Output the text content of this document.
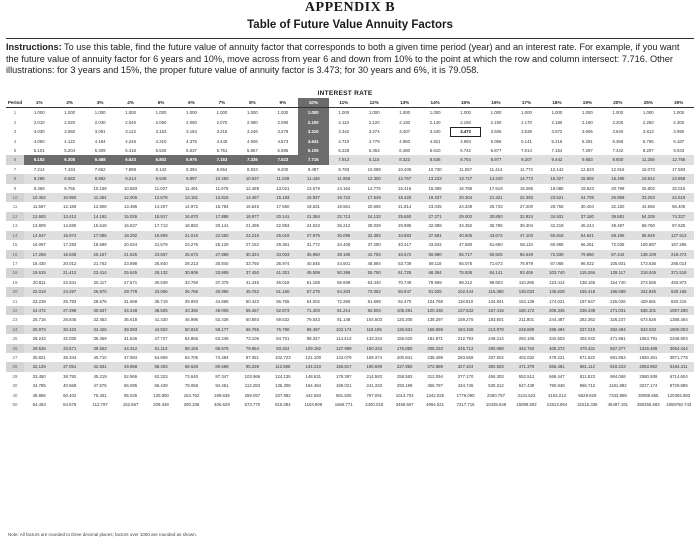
APPENDIX B
Table of Future Value Annuity Factors
Instructions: To use this table, find the future value of annuity factor that corresponds to both a given time period (year) and an interest rate. For example, if you want the future value of annuity factor for 6 years and 10%, move across from year 6 and down from 10% to the point at which the row and column intersect: 7.716. Other illustrations: for 3 years and 15%, the proper future value of annuity factor is 3.473; for 30 years and 6%, it is 79.058.
INTEREST RATE
Period	1%	2%	3%	4%	5%	6%	7%	8%	9%	10%	11%	12%	13%	14%	15%	16%	17%	18%	19%	20%	25%	30%
1	1.000	1.000	1.000	1.000	1.000	1.000	1.000	1.000	1.000	1.000	1.000	1.000	1.000	1.000	1.000	1.000	1.000	1.000	1.000	1.000	1.000	1.000
2	2.010	2.020	2.030	2.040	2.050	2.060	2.070	2.080	2.090	2.100	2.110	2.120	2.130	2.140	2.150	2.160	2.170	2.180	2.190	2.200	2.250	2.300
3	3.030	3.060	3.091	3.122	3.153	3.184	3.215	3.246	3.278	3.310	3.342	3.374	3.407	3.440	3.473	3.506	3.539	3.572	3.606	3.640	3.813	3.990
4	4.060	4.122	4.184	4.246	4.310	4.375	4.440	4.506	4.573	4.641	4.710	4.779	4.850	4.921	4.993	5.066	5.141	5.215	5.291	5.368	5.766	6.187
5	5.101	5.204	5.309	5.416	5.526	5.637	5.751	5.867	5.985	6.105	6.228	6.353	6.480	6.610	6.742	6.877	7.014	7.154	7.297	7.442	8.207	9.043
6	6.152	6.308	6.468	6.633	6.802	6.975	7.153	7.336	7.523	7.716	7.913	8.115	8.323	8.536	8.754	8.977	9.207	9.442	9.683	9.930	11.259	12.756
7	7.214	7.434	7.662	7.898	8.142	8.394	8.654	8.923	9.200	9.487	9.783	10.089	10.405	10.730	11.067	11.414	11.772	12.142	12.523	12.916	15.073	17.583
8	8.286	8.583	8.892	9.214	9.549	9.897	10.260	10.637	11.028	11.436	11.859	12.300	12.757	13.233	13.727	14.240	14.773	15.327	15.902	16.499	19.842	23.858
9	9.369	9.755	10.159	10.583	11.027	11.491	11.978	12.488	13.021	13.579	14.164	14.776	15.416	16.085	16.786	17.519	18.285	19.086	19.923	20.799	25.802	32.015
10	10.462	10.950	11.464	12.006	12.578	13.181	13.816	14.487	15.193	15.937	16.722	17.549	18.420	19.337	20.304	21.321	22.393	23.521	24.709	25.959	33.253	42.619
11	11.567	12.169	12.808	13.486	14.207	14.972	15.784	16.645	17.560	18.531	19.561	20.655	21.814	23.045	24.349	25.733	27.200	28.755	30.404	32.150	42.566	56.405
12	12.683	13.412	14.192	15.026	15.917	16.870	17.888	18.977	20.141	21.384	22.713	24.133	25.650	27.271	29.002	30.850	32.824	34.931	37.180	39.581	54.208	74.327
13	13.809	14.680	15.618	16.627	17.713	18.882	20.141	21.495	22.953	24.523	26.212	28.029	29.985	32.089	34.352	36.786	39.404	42.219	45.244	48.497	68.760	97.625
14	14.947	15.974	17.086	18.292	19.599	21.015	22.550	24.215	26.019	27.975	30.095	32.393	34.883	37.581	40.505	43.672	47.103	50.818	54.841	59.196	86.949	127.913
15	16.097	17.293	18.599	20.024	21.579	23.276	25.129	27.152	29.361	31.772	34.405	37.280	40.417	43.842	47.580	51.660	56.110	60.965	66.261	72.035	109.687	167.286
16	17.258	18.639	20.157	21.825	23.657	25.673	27.888	30.324	33.003	35.950	39.190	42.753	46.672	50.980	55.717	60.925	66.649	72.939	79.850	87.442	138.109	218.472
17	18.430	20.012	21.762	23.698	25.840	28.213	30.840	33.750	36.974	40.545	44.501	48.884	53.739	59.118	65.075	71.673	78.979	87.068	96.022	105.931	173.636	285.014
18	19.615	21.412	23.414	25.645	28.132	30.906	33.999	37.450	41.301	45.599	50.396	55.750	61.725	68.394	75.836	84.141	93.406	103.740	115.266	128.117	218.045	371.518
19	20.811	22.841	25.117	27.671	30.539	33.760	37.379	41.446	46.018	51.159	56.939	63.440	70.749	78.969	88.212	98.603	110.285	123.414	138.166	154.740	273.556	483.973
20	22.019	24.297	26.870	29.778	33.066	36.786	40.995	45.762	51.160	57.275	64.203	72.052	80.947	91.025	102.444	115.380	130.033	146.628	165.418	186.688	342.945	630.165
21	23.239	25.783	28.676	31.969	35.719	39.993	44.865	50.423	56.765	64.002	72.265	81.699	92.470	104.768	118.810	134.841	153.139	174.021	197.847	225.026	429.681	820.215
22	24.472	27.299	30.537	34.248	38.505	43.392	49.006	55.457	62.873	71.403	81.214	92.503	105.491	120.436	137.632	157.415	180.172	206.345	236.438	271.031	538.101	1067.280
23	25.716	28.845	32.453	36.618	41.430	46.996	53.436	60.893	69.532	79.543	91.148	104.603	120.205	138.297	159.276	183.601	211.801	244.487	282.362	326.237	673.626	1388.464
24	26.973	30.422	34.426	39.083	44.502	50.816	58.177	66.765	76.790	88.497	102.174	118.155	136.831	158.659	184.168	213.978	248.808	289.494	337.010	392.484	843.033	1806.003
25	28.243	32.030	36.459	41.646	47.727	54.865	63.249	73.106	84.701	98.347	114.413	133.334	155.620	181.871	212.793	249.214	292.105	342.603	402.042	471.981	1054.791	2348.803
26	29.526	33.671	38.553	44.312	51.113	59.156	68.676	79.954	93.324	109.182	127.999	150.334	176.850	208.333	245.712	290.088	342.763	405.272	479.431	567.377	1319.489	3054.444
27	30.821	35.344	40.710	47.084	54.669	63.706	74.484	87.351	102.723	121.100	143.079	169.374	200.841	238.499	283.569	337.502	402.032	479.221	571.522	681.853	1650.361	3971.778
28	32.129	37.051	42.931	49.968	58.403	68.528	80.698	95.339	112.968	134.210	159.817	190.699	227.950	272.889	327.104	392.503	471.378	566.481	681.112	819.223	2063.952	5164.311
29	33.450	38.792	45.219	52.966	62.323	73.640	87.347	103.966	124.135	148.631	178.397	214.583	258.583	312.094	377.170	456.303	552.512	669.447	811.523	984.068	2580.939	6714.604
30	34.785	40.568	47.575	56.085	66.439	79.058	94.461	113.283	136.308	164.494	199.021	241.333	293.199	356.787	434.745	530.312	647.439	790.948	966.712	1181.882	3227.174	8729.985
40	48.886	60.402	75.401	95.026	120.800	154.762	199.635	259.057	337.882	442.593	581.826	767.091	1013.704	1342.025	1779.090	2360.757	3134.522	4163.213	5529.829	7343.858	30088.655	120392.883
50	64.463	84.579	112.797	152.667	209.348	290.336	406.529	573.770	815.084	1163.909	1668.771	2400.018	3459.507	4994.521	7217.716	10435.649	15089.502	21813.094	31515.336	45497.191	280255.693	1659760.743
Note: All factors are rounded to three decimal places; factors over 1000 are rounded as shown.
